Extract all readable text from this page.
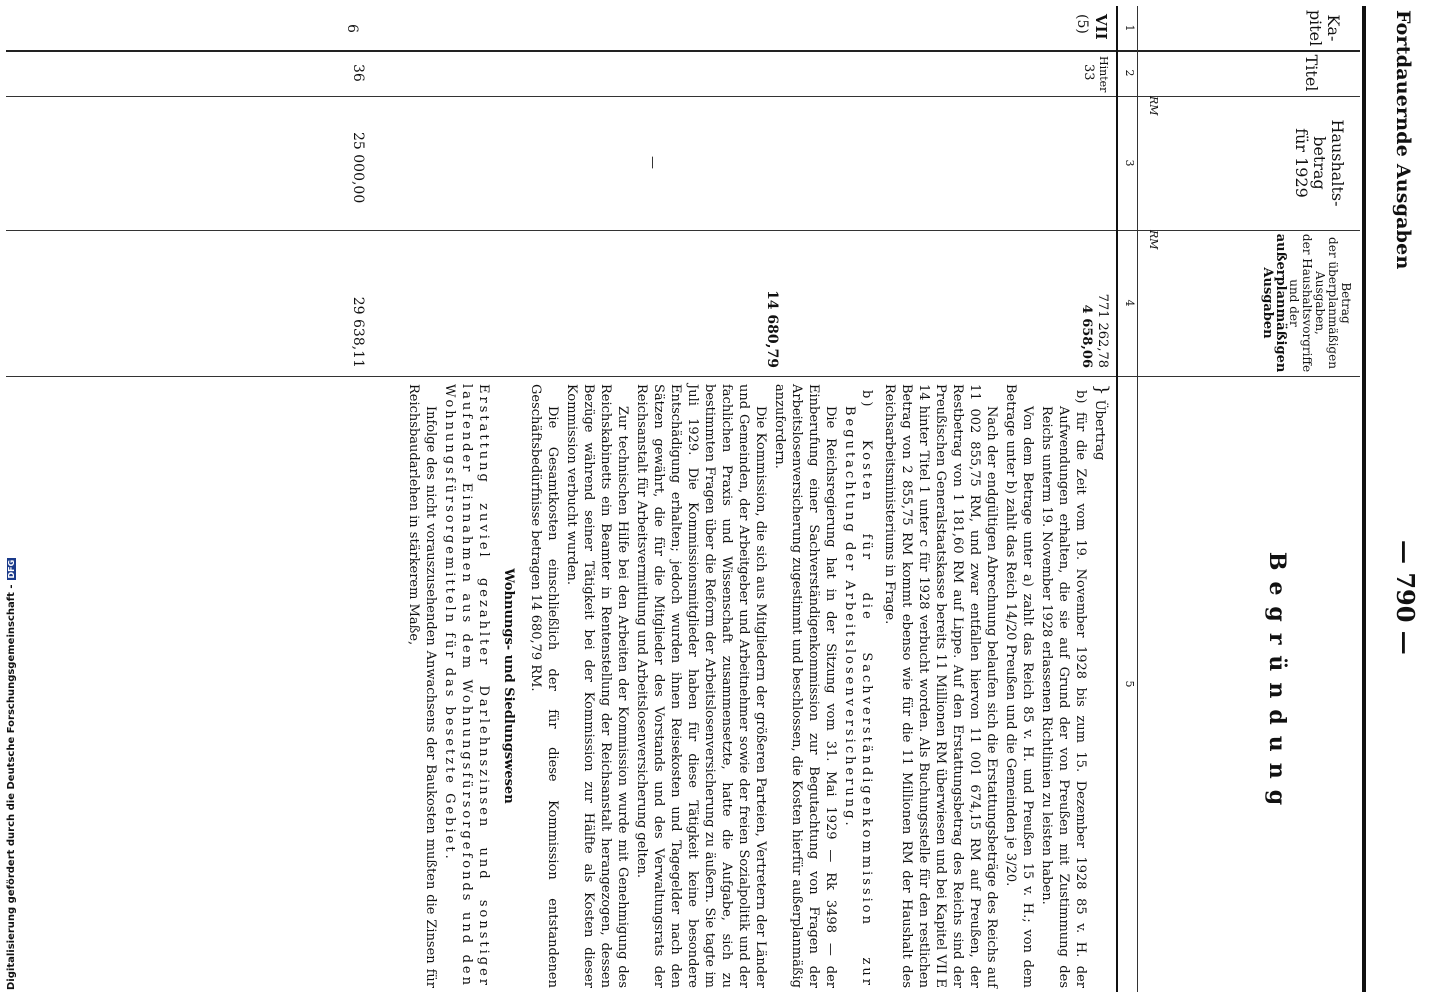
Digitalisierung gefördert durch die Deutsche Forschungsgemeinschaft -DFG
Fortdauernde Ausgaben
— 790 —
Ka-
pitel
1
VII
(5)
6
Titel
2
Hinter
33
36
Haushalts-
betrag
für 1929
RM
3
—
25 000,00
Betrag
der überplanmäßigen
Ausgaben,
der Haushaltsvorgriffe
und der
außerplanmäßigen
Ausgaben
RM
4
771 262,78
4 658,06
14 680,79
29 638,11
Begründung
5

} Übertrag

b) für die Zeit vom 19. November 1928 bis zum 15. Dezember 1928 85 v. H. der Aufwendungen erhalten, die sie auf Grund der von Preußen mit Zustimmung des Reichs unterm 19. November 1928 erlassenen Richtlinien zu leisten haben.

Von dem Betrage unter a) zahlt das Reich 85 v. H. und Preußen 15 v. H.; von dem Betrage unter b) zahlt das Reich 14/20 Preußen und die Gemeinden je 3/20.

Nach der endgültigen Abrechnung belaufen sich die Erstattungsbeträge des Reichs auf 11 002 855,75 RM, und zwar entfallen hiervon 11 001 674,15 RM auf Preußen, der Restbetrag von 1 181,60 RM auf Lippe. Auf den Erstattungsbetrag des Reichs sind der Preußischen Generalstaatskasse bereits 11 Millionen RM überwiesen und bei Kapitel VII E 14 hinter Titel 1 unter c für 1928 verbucht worden. Als Buchungsstelle für den restlichen Betrag von 2 855,75 RM kommt ebenso wie für die 11 Millionen RM der Haushalt des Reichsarbeitsministeriums in Frage.

b) Kosten für die Sachverständigenkommission zur Begutachtung der Arbeitslosenversicherung.

Die Reichsregierung hat in der Sitzung vom 31. Mai 1929 — Rk 3498 — der Einberufung einer Sachverständigenkommission zur Begutachtung von Fragen der Arbeitslosenversicherung zugestimmt und beschlossen, die Kosten hierfür außerplanmäßig anzufordern.

Die Kommission, die sich aus Mitgliedern der größeren Parteien, Vertretern der Länder und Gemeinden, der Arbeitgeber und Arbeitnehmer sowie der freien Sozialpolitik und der fachlichen Praxis und Wissenschaft zusammensetzte, hatte die Aufgabe, sich zu bestimmten Fragen über die Reform der Arbeitslosenversicherung zu äußern. Sie tagte im Juli 1929. Die Kommissionsmitglieder haben für diese Tätigkeit keine besondere Entschädigung erhalten; jedoch wurden ihnen Reisekosten und Tagegelder nach den Sätzen gewährt, die für die Mitglieder des Vorstands und des Verwaltungsrats der Reichsanstalt für Arbeitsvermittlung und Arbeitslosenversicherung gelten.

Zur technischen Hilfe bei den Arbeiten der Kommission wurde mit Genehmigung des Reichskabinetts ein Beamter in Rentenstellung der Reichsanstalt herangezogen, dessen Bezüge während seiner Tätigkeit bei der Kommission zur Hälfte als Kosten dieser Kommission verbucht wurden.

Die Gesamtkosten einschließlich der für diese Kommission entstandenen Geschäftsbedürfnisse betragen 14 680,79 RM.

Wohnungs- und Siedlungswesen

Erstattung zuviel gezahlter Darlehnszinsen und sonstiger laufender Einnahmen aus dem Wohnungsfürsorgefonds und den Wohnungsfürsorgemitteln für das besetzte Gebiet.

Infolge des nicht vorauszusehenden Anwachsens der Baukosten mußten die Zinsen für Reichsbaudarlehen in stärkerem Maße,
